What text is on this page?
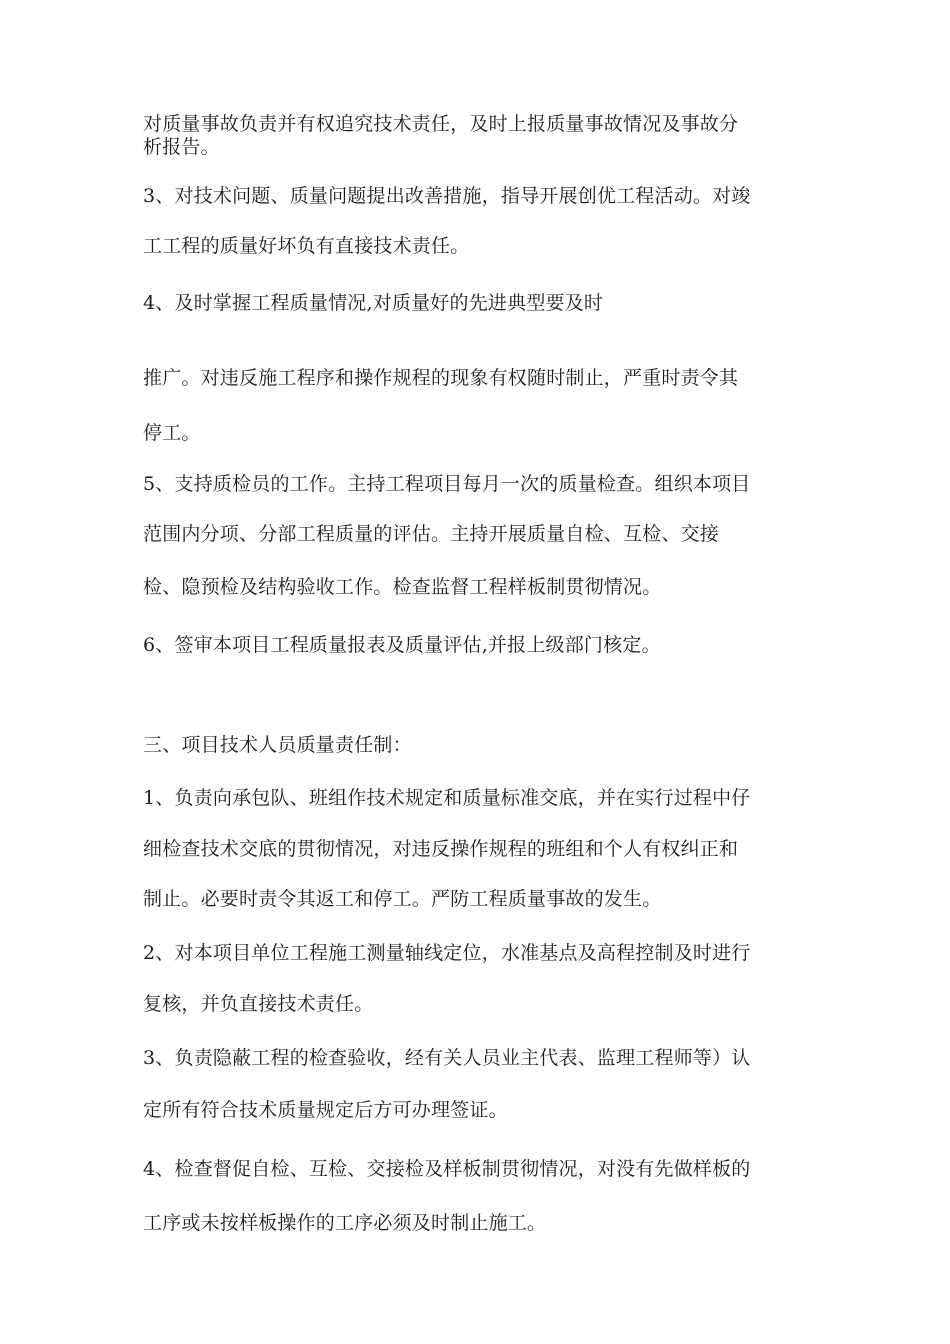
对质量事故负责并有权追究技术责任，及时上报质量事故情况及事故分

析报告。

3、对技术问题、质量问题提出改善措施，指导开展创优工程活动。对竣

工工程的质量好坏负有直接技术责任。

4、及时掌握工程质量情况,对质量好的先进典型要及时

推广。对违反施工程序和操作规程的现象有权随时制止，严重时责令其

停工。

5、支持质检员的工作。主持工程项目每月一次的质量检查。组织本项目

范围内分项、分部工程质量的评估。主持开展质量自检、互检、交接

检、隐预检及结构验收工作。检查监督工程样板制贯彻情况。

6、签审本项目工程质量报表及质量评估,并报上级部门核定。

三、项目技术人员质量责任制：

1、负责向承包队、班组作技术规定和质量标准交底，并在实行过程中仔

细检查技术交底的贯彻情况，对违反操作规程的班组和个人有权纠正和

制止。必要时责令其返工和停工。严防工程质量事故的发生。

2、对本项目单位工程施工测量轴线定位，水准基点及高程控制及时进行

复核，并负直接技术责任。

3、负责隐蔽工程的检查验收，经有关人员业主代表、监理工程师等）认

定所有符合技术质量规定后方可办理签证。

4、检查督促自检、互检、交接检及样板制贯彻情况，对没有先做样板的

工序或未按样板操作的工序必须及时制止施工。
